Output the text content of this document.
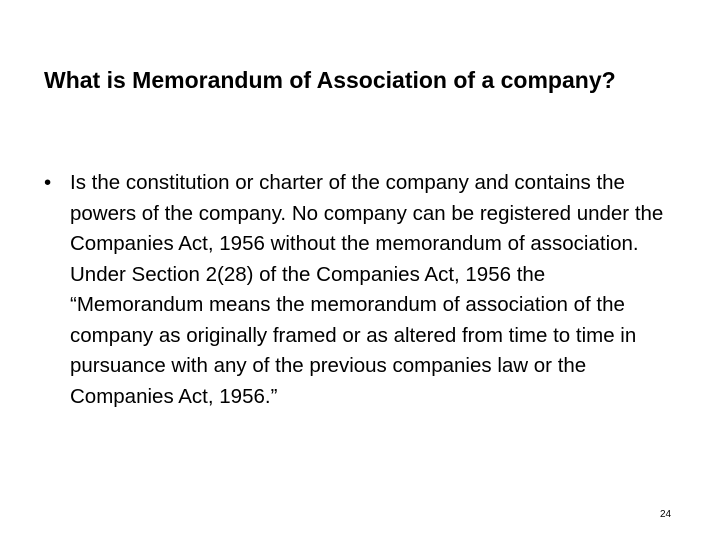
What is Memorandum of Association of a company?
• Is the constitution or charter of the company and contains the powers of the company. No company can be registered under the Companies Act, 1956 without the memorandum of association. Under Section 2(28) of the Companies Act, 1956 the “Memorandum means the memorandum of association of the company as originally framed or as altered from time to time in pursuance with any of the previous companies law or the Companies Act, 1956.”
24
